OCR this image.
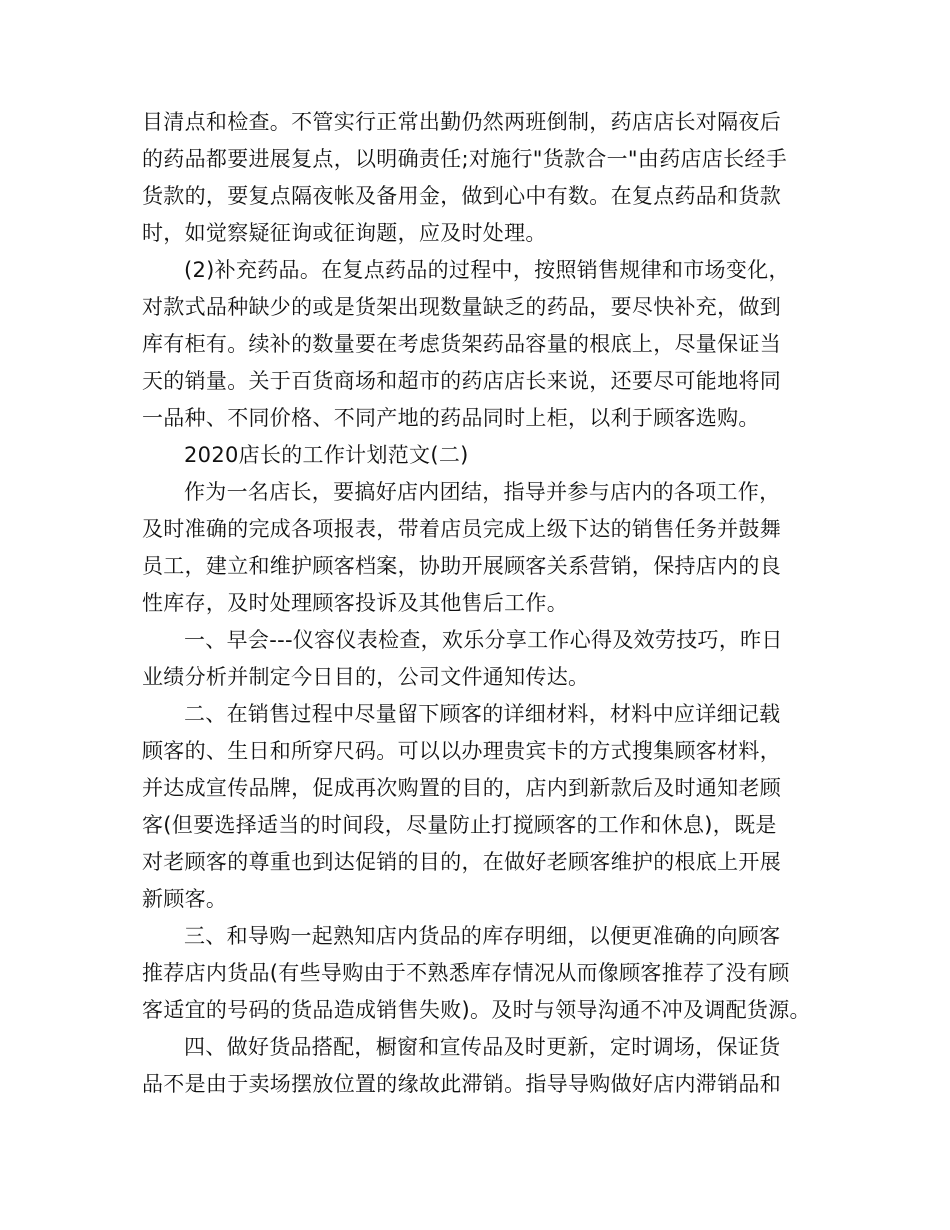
目清点和检查。不管实行正常出勤仍然两班倒制，药店店长对隔夜后
的药品都要进展复点，以明确责任;对施行"货款合一"由药店店长经手
货款的，要复点隔夜帐及备用金，做到心中有数。在复点药品和货款
时，如觉察疑征询或征询题，应及时处理。
(2)补充药品。在复点药品的过程中，按照销售规律和市场变化，
对款式品种缺少的或是货架出现数量缺乏的药品，要尽快补充，做到
库有柜有。续补的数量要在考虑货架药品容量的根底上，尽量保证当
天的销量。关于百货商场和超市的药店店长来说，还要尽可能地将同
一品种、不同价格、不同产地的药品同时上柜，以利于顾客选购。
2020店长的工作计划范文(二)
作为一名店长，要搞好店内团结，指导并参与店内的各项工作，
及时准确的完成各项报表，带着店员完成上级下达的销售任务并鼓舞
员工，建立和维护顾客档案，协助开展顾客关系营销，保持店内的良
性库存，及时处理顾客投诉及其他售后工作。
一、早会---仪容仪表检查，欢乐分享工作心得及效劳技巧，昨日
业绩分析并制定今日目的，公司文件通知传达。
二、在销售过程中尽量留下顾客的详细材料，材料中应详细记载
顾客的、生日和所穿尺码。可以以办理贵宾卡的方式搜集顾客材料，
并达成宣传品牌，促成再次购置的目的，店内到新款后及时通知老顾
客(但要选择适当的时间段，尽量防止打搅顾客的工作和休息)，既是
对老顾客的尊重也到达促销的目的，在做好老顾客维护的根底上开展
新顾客。
三、和导购一起熟知店内货品的库存明细，以便更准确的向顾客
推荐店内货品(有些导购由于不熟悉库存情况从而像顾客推荐了没有顾
客适宜的号码的货品造成销售失败)。及时与领导沟通不冲及调配货源。
四、做好货品搭配，橱窗和宣传品及时更新，定时调场，保证货
品不是由于卖场摆放位置的缘故此滞销。指导导购做好店内滞销品和
